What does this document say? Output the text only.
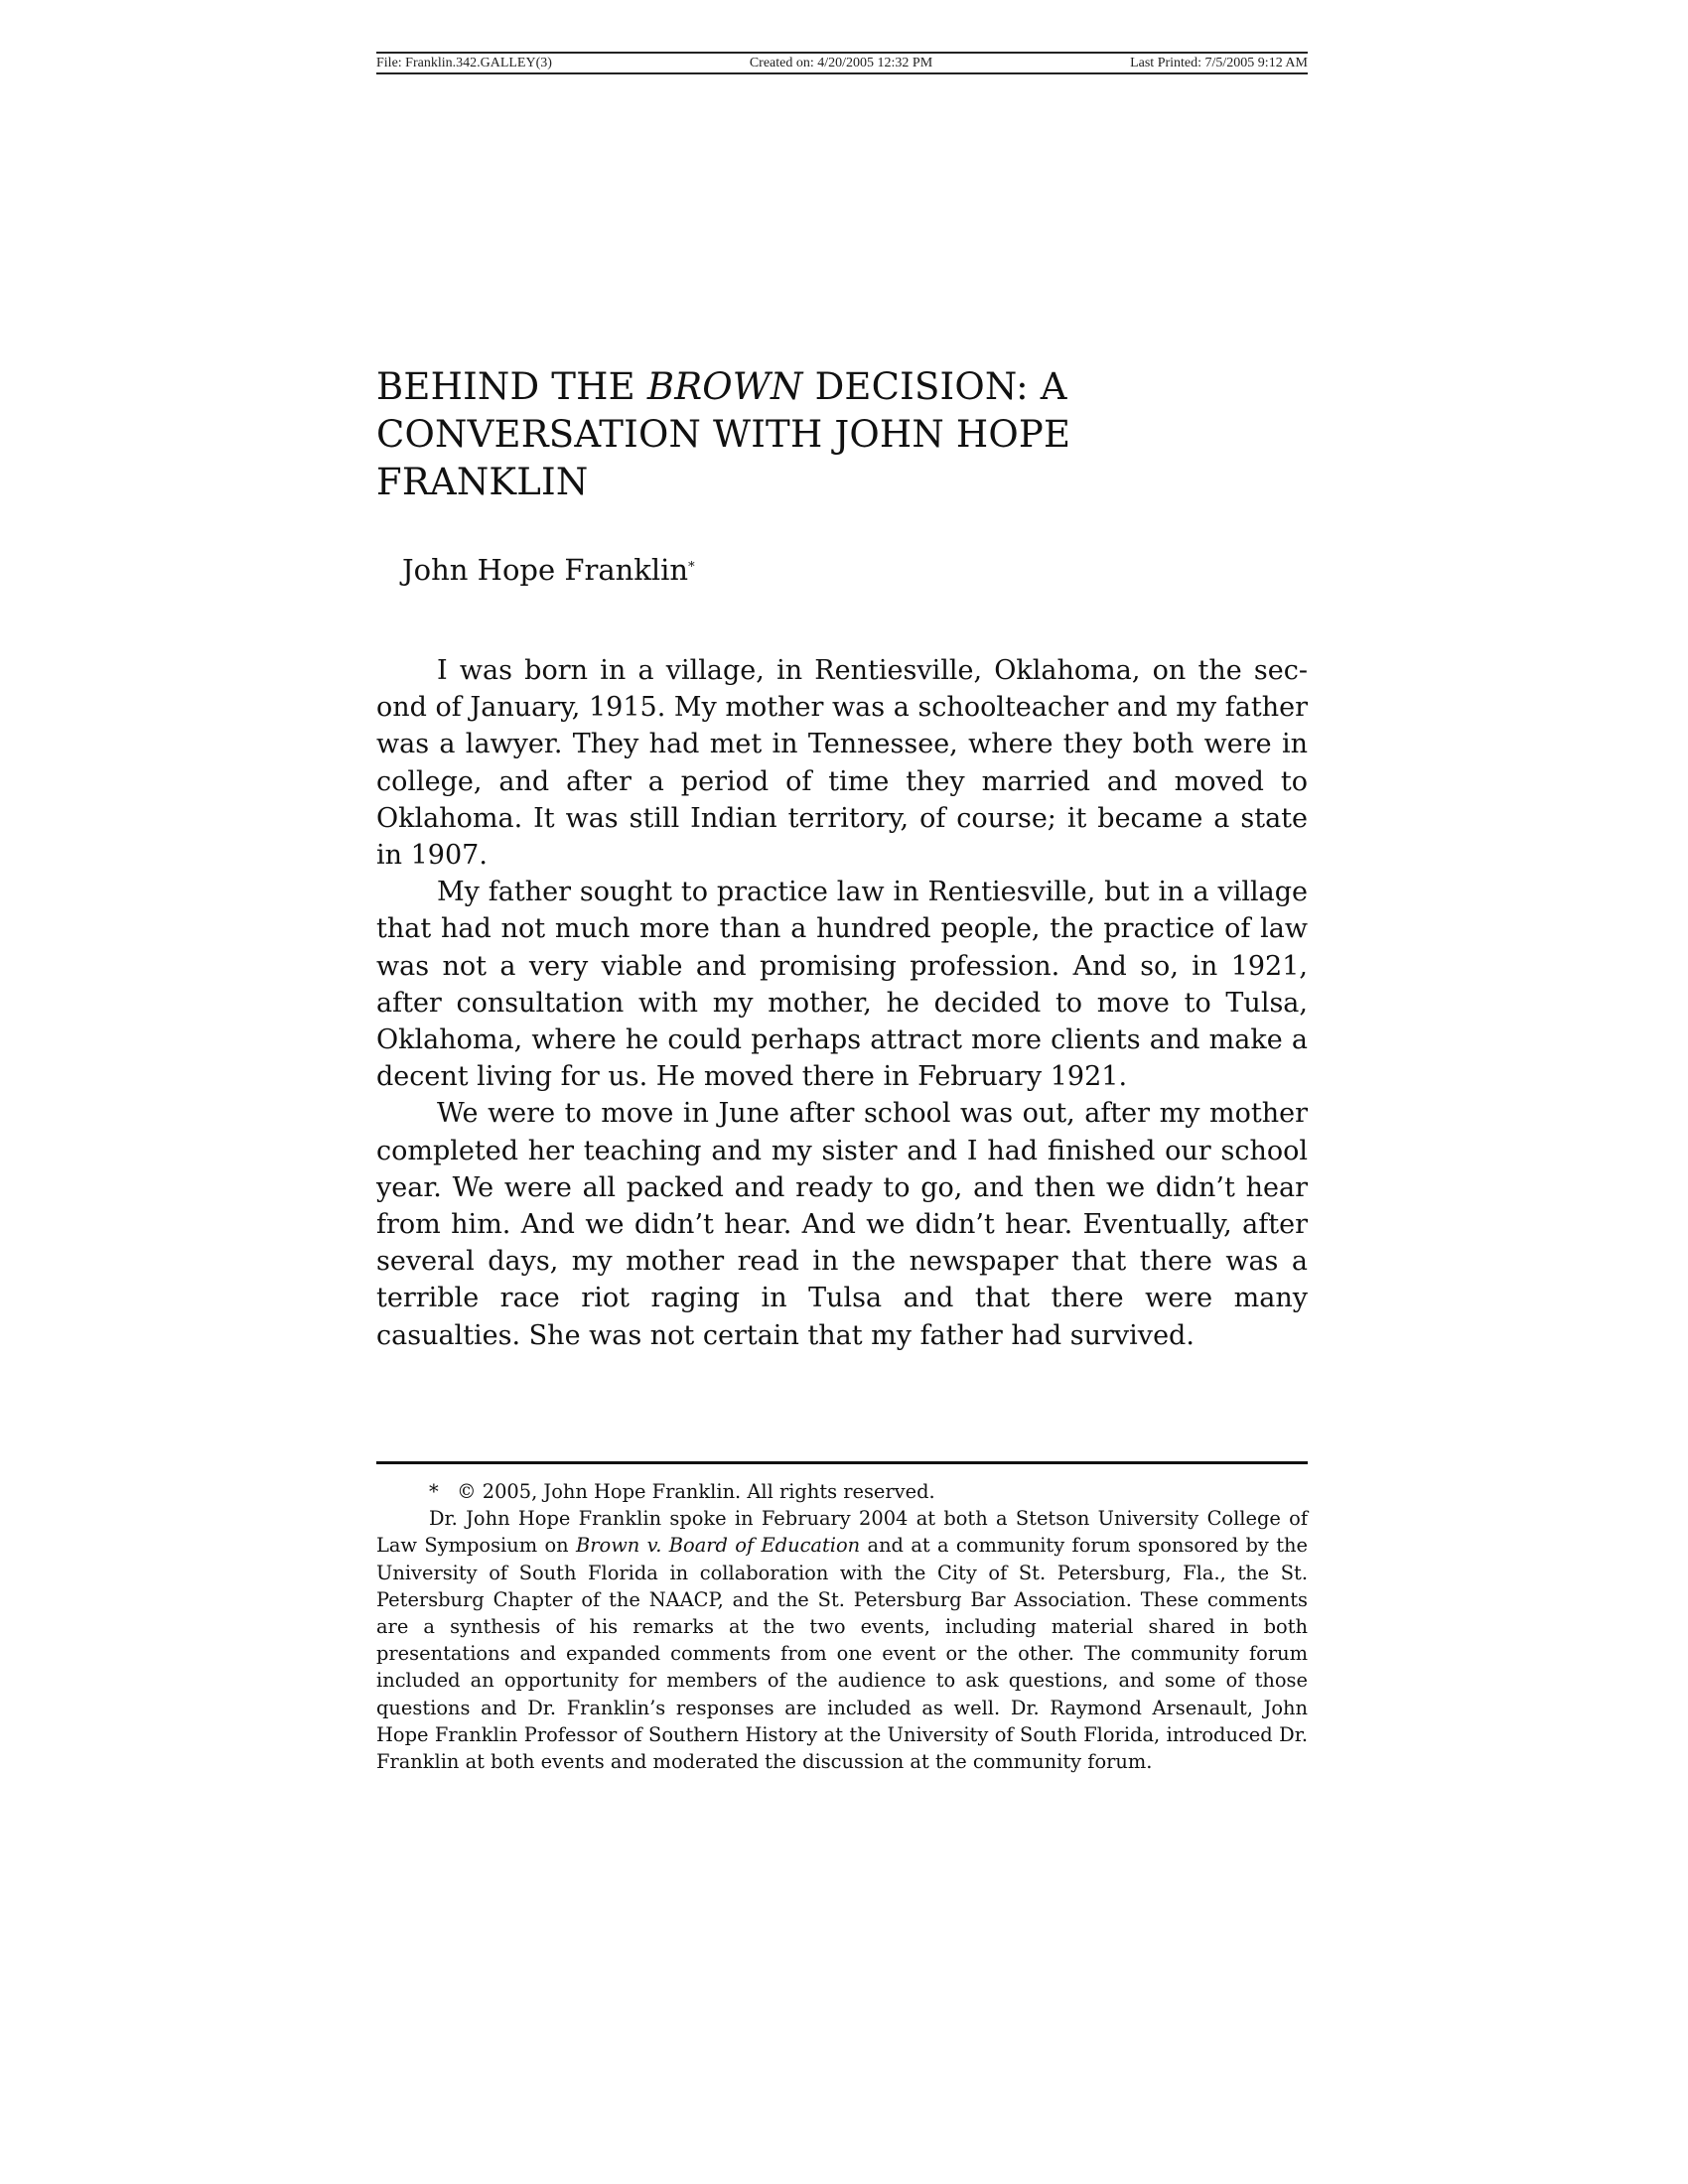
File: Franklin.342.GALLEY(3)	Created on: 4/20/2005 12:32 PM	Last Printed: 7/5/2005 9:12 AM
BEHIND THE BROWN DECISION: A CONVERSATION WITH JOHN HOPE FRANKLIN

John Hope Franklin*

I was born in a village, in Rentiesville, Oklahoma, on the second of January, 1915. My mother was a schoolteacher and my father was a lawyer. They had met in Tennessee, where they both were in college, and after a period of time they married and moved to Oklahoma. It was still Indian territory, of course; it became a state in 1907.

My father sought to practice law in Rentiesville, but in a village that had not much more than a hundred people, the practice of law was not a very viable and promising profession. And so, in 1921, after consultation with my mother, he decided to move to Tulsa, Oklahoma, where he could perhaps attract more clients and make a decent living for us. He moved there in February 1921.

We were to move in June after school was out, after my mother completed her teaching and my sister and I had finished our school year. We were all packed and ready to go, and then we didn’t hear from him. And we didn’t hear. And we didn’t hear. Eventually, after several days, my mother read in the newspaper that there was a terrible race riot raging in Tulsa and that there were many casualties. She was not certain that my father had survived.

*   © 2005, John Hope Franklin. All rights reserved.

Dr. John Hope Franklin spoke in February 2004 at both a Stetson University College of Law Symposium on Brown v. Board of Education and at a community forum sponsored by the University of South Florida in collaboration with the City of St. Petersburg, Fla., the St. Petersburg Chapter of the NAACP, and the St. Petersburg Bar Association. These comments are a synthesis of his remarks at the two events, including material shared in both presentations and expanded comments from one event or the other. The community forum included an opportunity for members of the audience to ask questions, and some of those questions and Dr. Franklin’s responses are included as well. Dr. Raymond Arsenault, John Hope Franklin Professor of Southern History at the University of South Florida, introduced Dr. Franklin at both events and moderated the discussion at the community forum.
